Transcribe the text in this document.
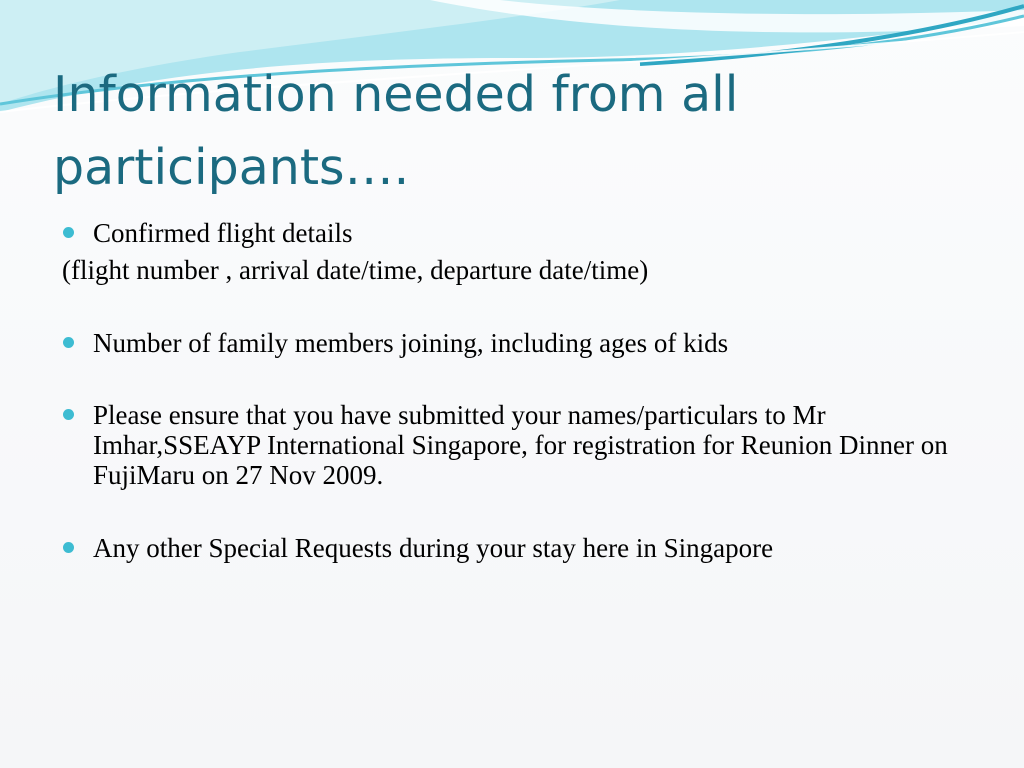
Information needed from all participants….
Confirmed flight details
(flight number , arrival date/time, departure date/time)
Number of family members joining, including ages of kids
Please ensure that you have submitted your names/particulars to Mr Imhar,SSEAYP International Singapore, for registration for Reunion Dinner on FujiMaru on 27 Nov 2009.
Any other Special Requests during your stay here in Singapore
